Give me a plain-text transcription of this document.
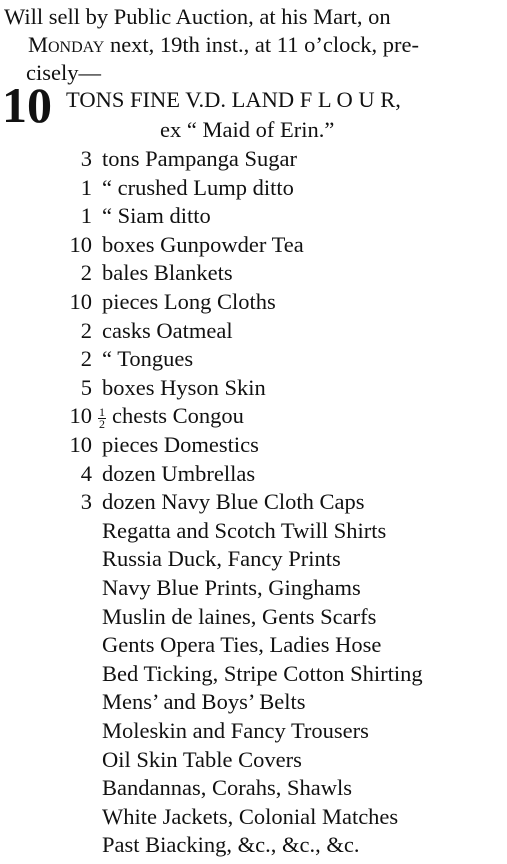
Will sell by Public Auction, at his Mart, on
Monday next, 19th inst., at 11 o’clock, pre-
cisely—
10 TONS FINE V.D. LAND F L O U R,
ex “ Maid of Erin.”
3 tons Pampanga Sugar
1 “ crushed Lump ditto
1 “ Siam ditto
10 boxes Gunpowder Tea
2 bales Blankets
10 pieces Long Cloths
2 casks Oatmeal
2 “ Tongues
5 boxes Hyson Skin
$10 \frac{1}{2}$ chests Congou
10 pieces Domestics
4 dozen Umbrellas
3 dozen Navy Blue Cloth Caps
Regatta and Scotch Twill Shirts
Russia Duck, Fancy Prints
Navy Blue Prints, Ginghams
Muslin de laines, Gents Scarfs
Gents Opera Ties, Ladies Hose
Bed Ticking, Stripe Cotton Shirting
Mens’ and Boys’ Belts
Moleskin and Fancy Trousers
Oil Skin Table Covers
Bandannas, Corahs, Shawls
White Jackets, Colonial Matches
Past Biacking, &c., &c., &c.
